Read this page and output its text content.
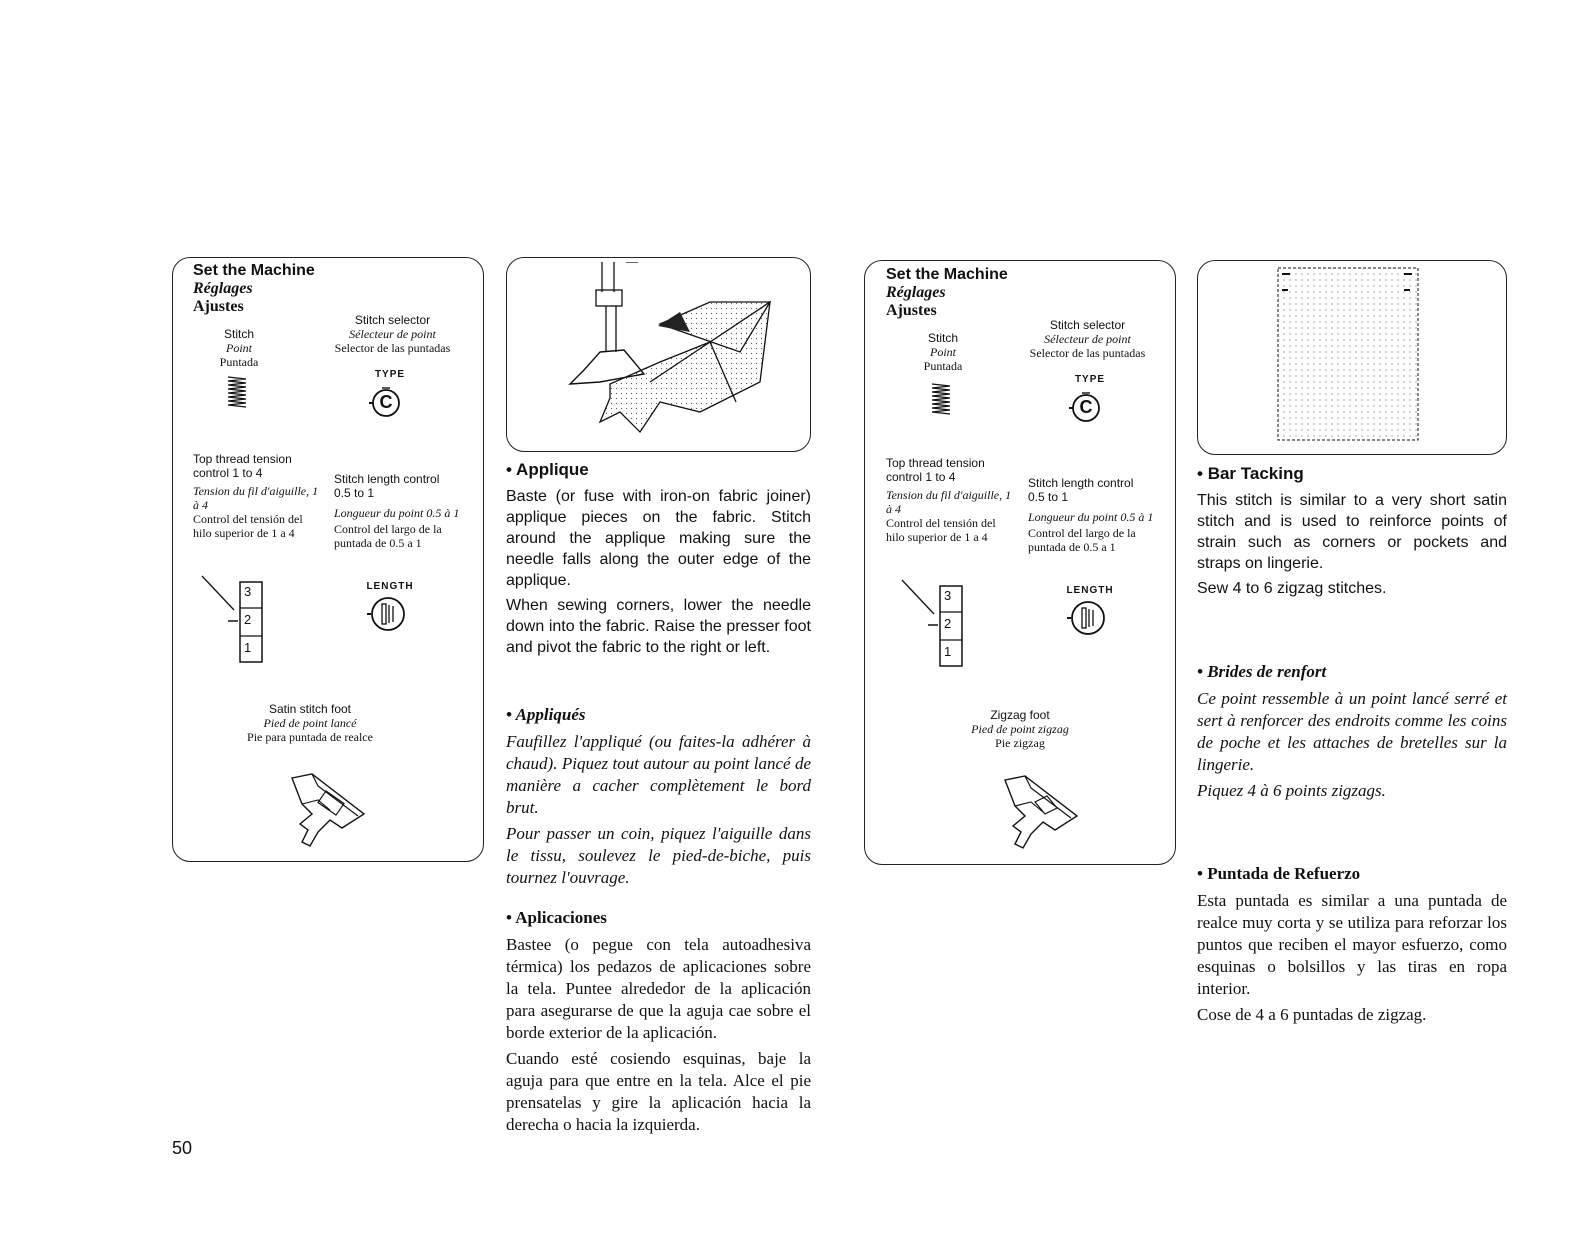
Set the Machine
Réglages
Ajustes
Stitch
Point
Puntada
Stitch selector
Sélecteur de point
Selector de las puntadas
TYPE
C
Top thread tension control 1 to 4
Tension du fil d'aiguille, 1 à 4
Control del tensión del hilo superior de 1 a 4
3
2
1
Stitch length control 0.5 to 1
Longueur du point 0.5 à 1
Control del largo de la puntada de 0.5 a 1
LENGTH
Satin stitch foot
Pied de point lancé
Pie para puntada de realce
• Applique

Baste (or fuse with iron-on fabric joiner) applique pieces on the fabric. Stitch around the applique making sure the needle falls along the outer edge of the applique.

When sewing corners, lower the needle down into the fabric. Raise the presser foot and pivot the fabric to the right or left.

• Appliqués

Faufillez l'appliqué (ou faites-la adhérer à chaud). Piquez tout autour au point lancé de manière a cacher complètement le bord brut.

Pour passer un coin, piquez l'aiguille dans le tissu, soulevez le pied-de-biche, puis tournez l'ouvrage.

• Aplicaciones

Bastee (o pegue con tela autoadhesiva térmica) los pedazos de aplicaciones sobre la tela. Puntee alrededor de la aplicación para asegurarse de que la aguja cae sobre el borde exterior de la aplicación.

Cuando esté cosiendo esquinas, baje la aguja para que entre en la tela. Alce el pie prensatelas y gire la aplicación hacia la derecha o hacia la izquierda.

Set the Machine
Réglages
Ajustes
Stitch
Point
Puntada
Stitch selector
Sélecteur de point
Selector de las puntadas
TYPE
C
Top thread tension control 1 to 4
Tension du fil d'aiguille, 1 à 4
Control del tensión del hilo superior de 1 a 4
3
2
1
Stitch length control 0.5 to 1
Longueur du point 0.5 à 1
Control del largo de la puntada de 0.5 a 1
LENGTH
Zigzag foot
Pied de point zigzag
Pie zigzag
• Bar Tacking

This stitch is similar to a very short satin stitch and is used to reinforce points of strain such as corners or pockets and straps on lingerie.

Sew 4 to 6 zigzag stitches.

• Brides de renfort

Ce point ressemble à un point lancé serré et sert à renforcer des endroits comme les coins de poche et les attaches de bretelles sur la lingerie.

Piquez 4 à 6 points zigzags.

• Puntada de Refuerzo

Esta puntada es similar a una puntada de realce muy corta y se utiliza para reforzar los puntos que reciben el mayor esfuerzo, como esquinas o bolsillos y las tiras en ropa interior.

Cose de 4 a 6 puntadas de zigzag.

50
